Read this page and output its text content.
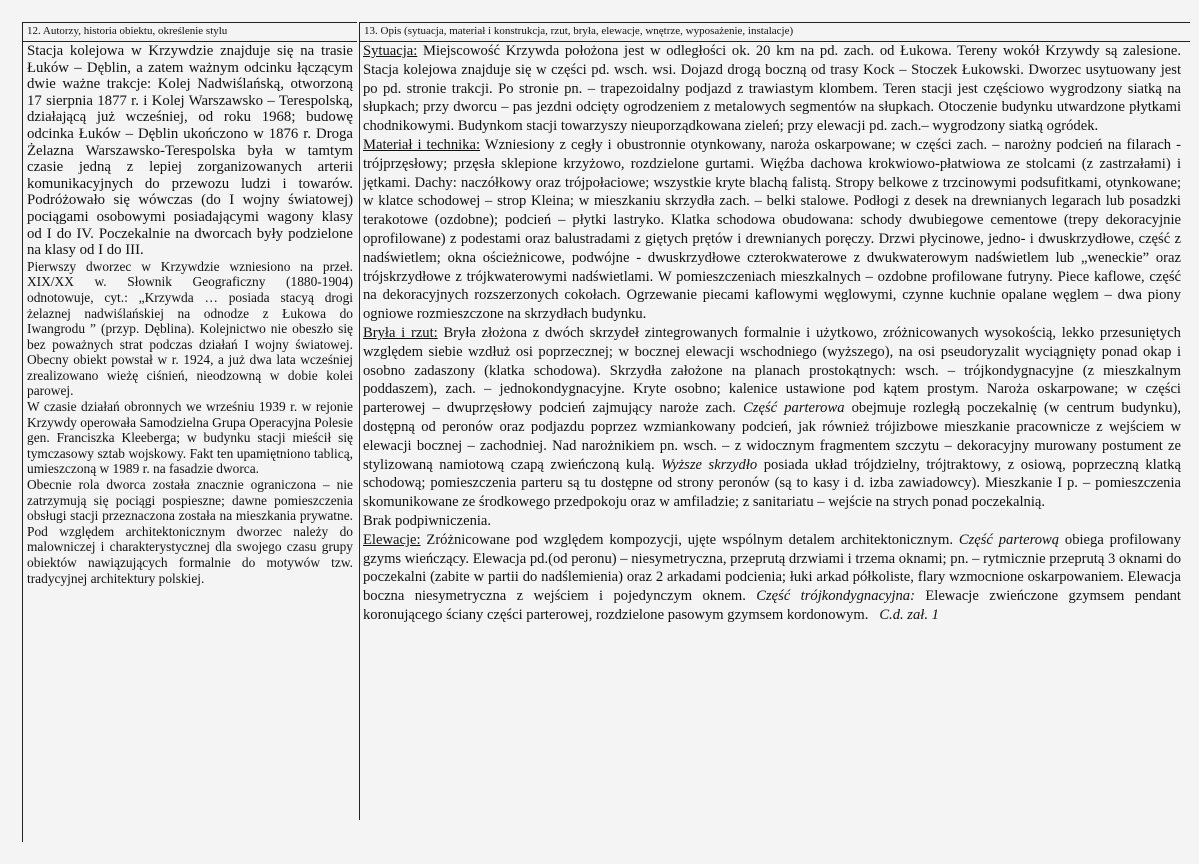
12. Autorzy, historia obiektu, określenie stylu	13. Opis (sytuacja, materiał i konstrukcja, rzut, bryła, elewacje, wnętrze, wyposażenie, instalacje)

Stacja kolejowa w Krzywdzie znajduje się na trasie Łuków – Dęblin, a zatem ważnym odcinku łączącym dwie ważne trakcje: Kolej Nadwiślańską, otworzoną 17 sierpnia 1877 r. i Kolej Warszawsko – Terespolską, działającą już wcześniej, od roku 1968; budowę odcinka Łuków – Dęblin ukończono w 1876 r. Droga Żelazna Warszawsko-Terespolska była w tamtym czasie jedną z lepiej zorganizowanych arterii komunikacyjnych do przewozu ludzi i towarów. Podróżowało się wówczas (do I wojny światowej) pociągami osobowymi posiadającymi wagony klasy od I do IV. Poczekalnie na dworcach były podzielone na klasy od I do III.

Pierwszy dworzec w Krzywdzie wzniesiono na przeł. XIX/XX w. Słownik Geograficzny (1880-1904) odnotowuje, cyt.: „Krzywda … posiada stacyą drogi żelaznej nadwiślańskiej na odnodze z Łukowa do Iwangrodu ” (przyp. Dęblina). Kolejnictwo nie obeszło się bez poważnych strat podczas działań I wojny światowej. Obecny obiekt powstał w r. 1924, a już dwa lata wcześniej zrealizowano wieżę ciśnień, nieodzowną w dobie kolei parowej.

W czasie działań obronnych we wrześniu 1939 r. w rejonie Krzywdy operowała Samodzielna Grupa Operacyjna Polesie gen. Franciszka Kleeberga; w budynku stacji mieścił się tymczasowy sztab wojskowy. Fakt ten upamiętniono tablicą, umieszczoną w 1989 r. na fasadzie dworca.

Obecnie rola dworca została znacznie ograniczona – nie zatrzymują się pociągi pospieszne; dawne pomieszczenia obsługi stacji przeznaczona została na mieszkania prywatne. Pod względem architektonicznym dworzec należy do malowniczej i charakterystycznej dla swojego czasu grupy obiektów nawiązujących formalnie do motywów tzw. tradycyjnej architektury polskiej.

Sytuacja: Miejscowość Krzywda położona jest w odległości ok. 20 km na pd. zach. od Łukowa. Tereny wokół Krzywdy są zalesione. Stacja kolejowa znajduje się w części pd. wsch. wsi. Dojazd drogą boczną od trasy Kock – Stoczek Łukowski. Dworzec usytuowany jest po pd. stronie trakcji. Po stronie pn. – trapezoidalny podjazd z trawiastym klombem. Teren stacji jest częściowo wygrodzony siatką na słupkach; przy dworcu – pas jezdni odcięty ogrodzeniem z metalowych segmentów na słupkach. Otoczenie budynku utwardzone płytkami chodnikowymi. Budynkom stacji towarzyszy nieuporządkowana zieleń; przy elewacji pd. zach.– wygrodzony siatką ogródek.

Materiał i technika: Wzniesiony z cegły i obustronnie otynkowany, naroża oskarpowane; w części zach. – narożny podcień na filarach - trójprzęsłowy; przęsła sklepione krzyżowo, rozdzielone gurtami. Więźba dachowa krokwiowo-płatwiowa ze stolcami (z zastrzałami) i jętkami. Dachy: naczółkowy oraz trójpołaciowe; wszystkie kryte blachą falistą. Stropy belkowe z trzcinowymi podsufitkami, otynkowane; w klatce schodowej – strop Kleina; w mieszkaniu skrzydła zach. – belki stalowe. Podłogi z desek na drewnianych legarach lub posadzki terakotowe (ozdobne); podcień – płytki lastryko. Klatka schodowa obudowana: schody dwubiegowe cementowe (trepy dekoracyjnie oprofilowane) z podestami oraz balustradami z giętych prętów i drewnianych poręczy. Drzwi płycinowe, jedno- i dwuskrzydłowe, część z nadświetlem; okna ościeżnicowe, podwójne - dwuskrzydłowe czterokwaterowe z dwukwaterowym nadświetlem lub „weneckie” oraz trójskrzydłowe z trójkwaterowymi nadświetlami. W pomieszczeniach mieszkalnych – ozdobne profilowane futryny. Piece kaflowe, część na dekoracyjnych rozszerzonych cokołach. Ogrzewanie piecami kaflowymi węglowymi, czynne kuchnie opalane węglem – dwa piony ogniowe rozmieszczone na skrzydłach budynku.

Bryła i rzut: Bryła złożona z dwóch skrzydeł zintegrowanych formalnie i użytkowo, zróżnicowanych wysokością, lekko przesuniętych względem siebie wzdłuż osi poprzecznej; w bocznej elewacji wschodniego (wyższego), na osi pseudoryzalit wyciągnięty ponad okap i osobno zadaszony (klatka schodowa). Skrzydła założone na planach prostokątnych: wsch. – trójkondygnacyjne (z mieszkalnym poddaszem), zach. – jednokondygnacyjne. Kryte osobno; kalenice ustawione pod kątem prostym. Naroża oskarpowane; w części parterowej – dwuprzęsłowy podcień zajmujący naroże zach. Część parterowa obejmuje rozległą poczekalnię (w centrum budynku), dostępną od peronów oraz podjazdu poprzez wzmiankowany podcień, jak również trójizbowe mieszkanie pracownicze z wejściem w elewacji bocznej – zachodniej. Nad narożnikiem pn. wsch. – z widocznym fragmentem szczytu – dekoracyjny murowany postument ze stylizowaną namiotową czapą zwieńczoną kulą. Wyższe skrzydło posiada układ trójdzielny, trójtraktowy, z osiową, poprzeczną klatką schodową; pomieszczenia parteru są tu dostępne od strony peronów (są to kasy i d. izba zawiadowcy). Mieszkanie I p. – pomieszczenia skomunikowane ze środkowego przedpokoju oraz w amfiladzie; z sanitariatu – wejście na strych ponad poczekalnią.

Brak podpiwniczenia.

Elewacje: Zróżnicowane pod względem kompozycji, ujęte wspólnym detalem architektonicznym. Część parterową obiega profilowany gzyms wieńczący. Elewacja pd.(od peronu) – niesymetryczna, przeprutą drzwiami i trzema oknami; pn. – rytmicznie przeprutą 3 oknami do poczekalni (zabite w partii do nadślemienia) oraz 2 arkadami podcienia; łuki arkad półkoliste, flary wzmocnione oskarpowaniem. Elewacja boczna niesymetryczna z wejściem i pojedynczym oknem. Część trójkondygnacyjna: Elewacje zwieńczone gzymsem pendant koronującego ściany części parterowej, rozdzielone pasowym gzymsem kordonowym. C.d. zał. 1
